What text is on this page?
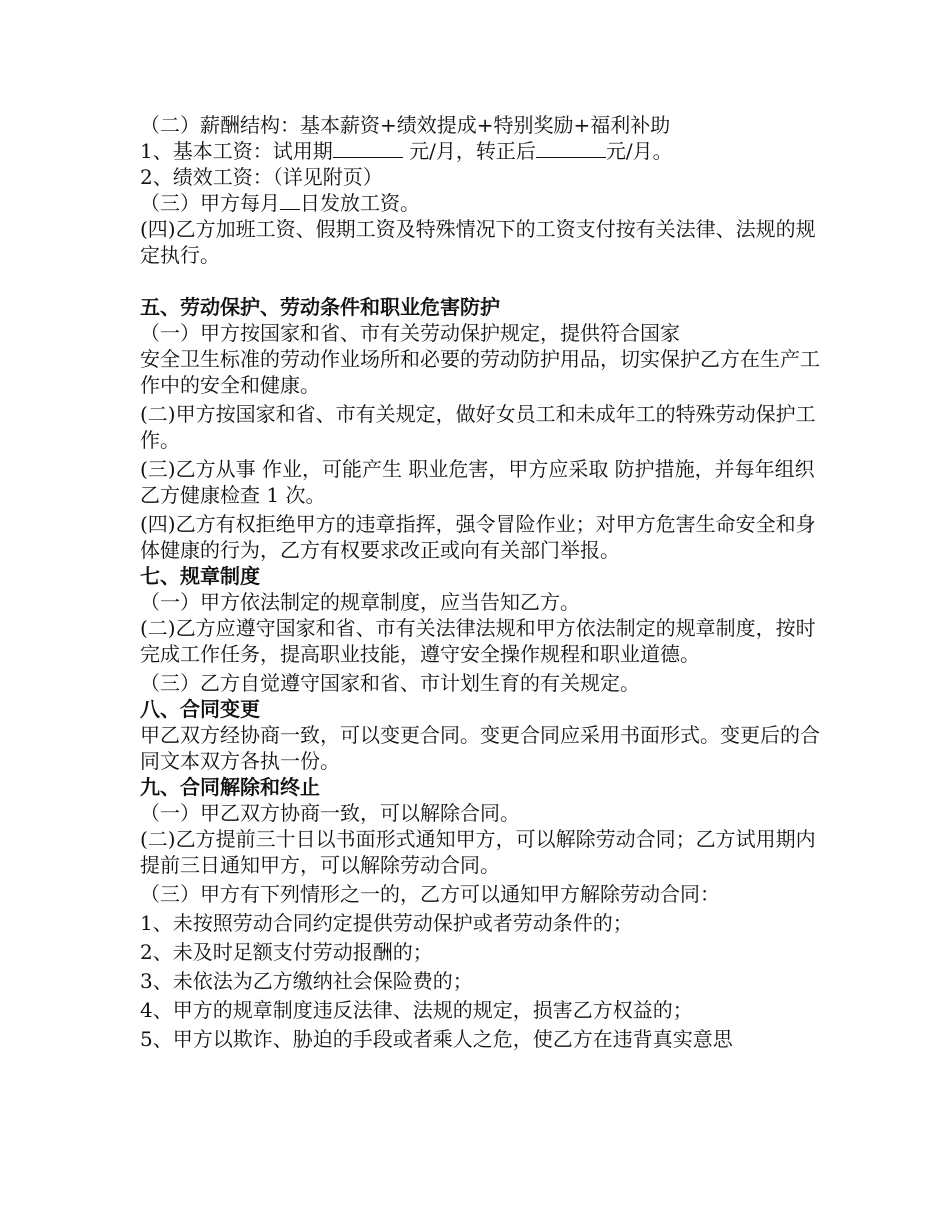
（二）薪酬结构：基本薪资+绩效提成+特别奖励+福利补助

1、基本工资：试用期	元/月，转正后	元/月。

2、绩效工资：（详见附页）

（三）甲方每月 日发放工资。

(四)乙方加班工资、假期工资及特殊情况下的工资支付按有关法律、法规的规定执行。

五、劳动保护、劳动条件和职业危害防护

（一）甲方按国家和省、市有关劳动保护规定，提供符合国家

安全卫生标准的劳动作业场所和必要的劳动防护用品，切实保护乙方在生产工作中的安全和健康。

(二)甲方按国家和省、市有关规定，做好女员工和未成年工的特殊劳动保护工作。

(三)乙方从事 作业，可能产生 职业危害，甲方应采取 防护措施，并每年组织乙方健康检查 1 次。

(四)乙方有权拒绝甲方的违章指挥，强令冒险作业；对甲方危害生命安全和身体健康的行为，乙方有权要求改正或向有关部门举报。

七、规章制度

（一）甲方依法制定的规章制度，应当告知乙方。

(二)乙方应遵守国家和省、市有关法律法规和甲方依法制定的规章制度，按时完成工作任务，提高职业技能，遵守安全操作规程和职业道德。

（三）乙方自觉遵守国家和省、市计划生育的有关规定。

八、合同变更

甲乙双方经协商一致，可以变更合同。变更合同应采用书面形式。变更后的合同文本双方各执一份。

九、合同解除和终止

（一）甲乙双方协商一致，可以解除合同。

(二)乙方提前三十日以书面形式通知甲方，可以解除劳动合同；乙方试用期内提前三日通知甲方，可以解除劳动合同。

（三）甲方有下列情形之一的，乙方可以通知甲方解除劳动合同：

1、未按照劳动合同约定提供劳动保护或者劳动条件的；

2、未及时足额支付劳动报酬的；

3、未依法为乙方缴纳社会保险费的；

4、甲方的规章制度违反法律、法规的规定，损害乙方权益的；

5、甲方以欺诈、胁迫的手段或者乘人之危，使乙方在违背真实意思
